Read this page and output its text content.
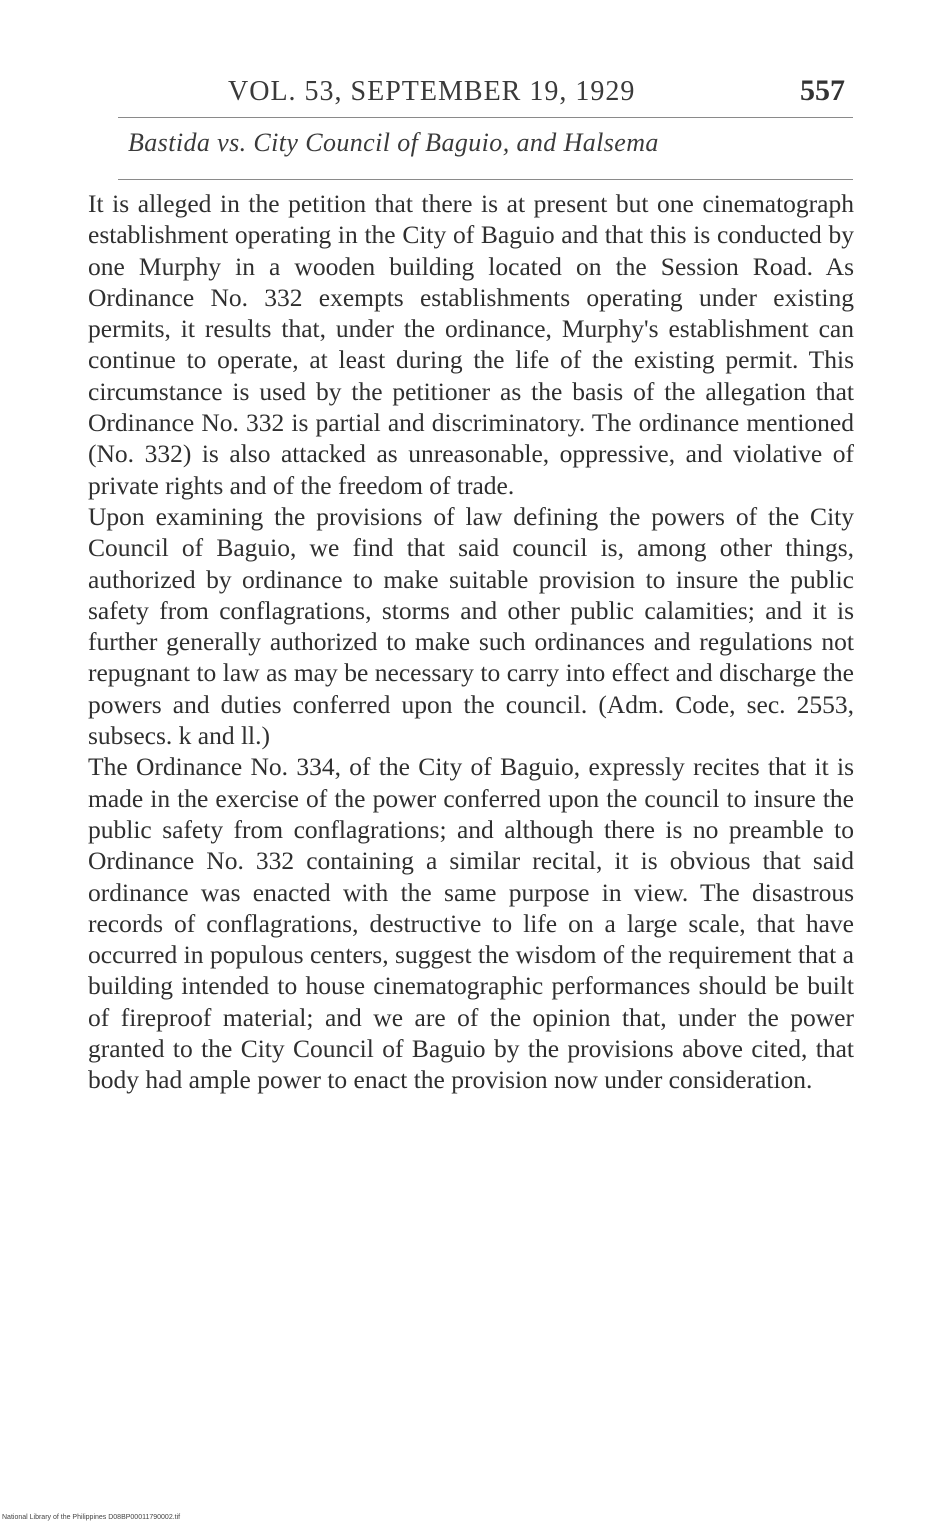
VOL. 53, SEPTEMBER 19, 1929	557
Bastida vs. City Council of Baguio, and Halsema

It is alleged in the petition that there is at present but one cinematograph establishment operating in the City of Baguio and that this is conducted by one Murphy in a wooden building located on the Session Road. As Ordinance No. 332 exempts establishments operating under existing permits, it results that, under the ordinance, Murphy's establishment can continue to operate, at least during the life of the existing permit. This circumstance is used by the petitioner as the basis of the allegation that Ordinance No. 332 is partial and discriminatory. The ordinance mentioned (No. 332) is also attacked as unreasonable, oppressive, and violative of private rights and of the freedom of trade.

Upon examining the provisions of law defining the powers of the City Council of Baguio, we find that said council is, among other things, authorized by ordinance to make suitable provision to insure the public safety from conflagrations, storms and other public calamities; and it is further generally authorized to make such ordinances and regulations not repugnant to law as may be necessary to carry into effect and discharge the powers and duties conferred upon the council. (Adm. Code, sec. 2553, subsecs. k and ll.)

The Ordinance No. 334, of the City of Baguio, expressly recites that it is made in the exercise of the power conferred upon the council to insure the public safety from conflagrations; and although there is no preamble to Ordinance No. 332 containing a similar recital, it is obvious that said ordinance was enacted with the same purpose in view. The disastrous records of conflagrations, destructive to life on a large scale, that have occurred in populous centers, suggest the wisdom of the requirement that a building intended to house cinematographic performances should be built of fireproof material; and we are of the opinion that, under the power granted to the City Council of Baguio by the provisions above cited, that body had ample power to enact the provision now under consideration.

National Library of the Philippines D08BP00011790002.tif
